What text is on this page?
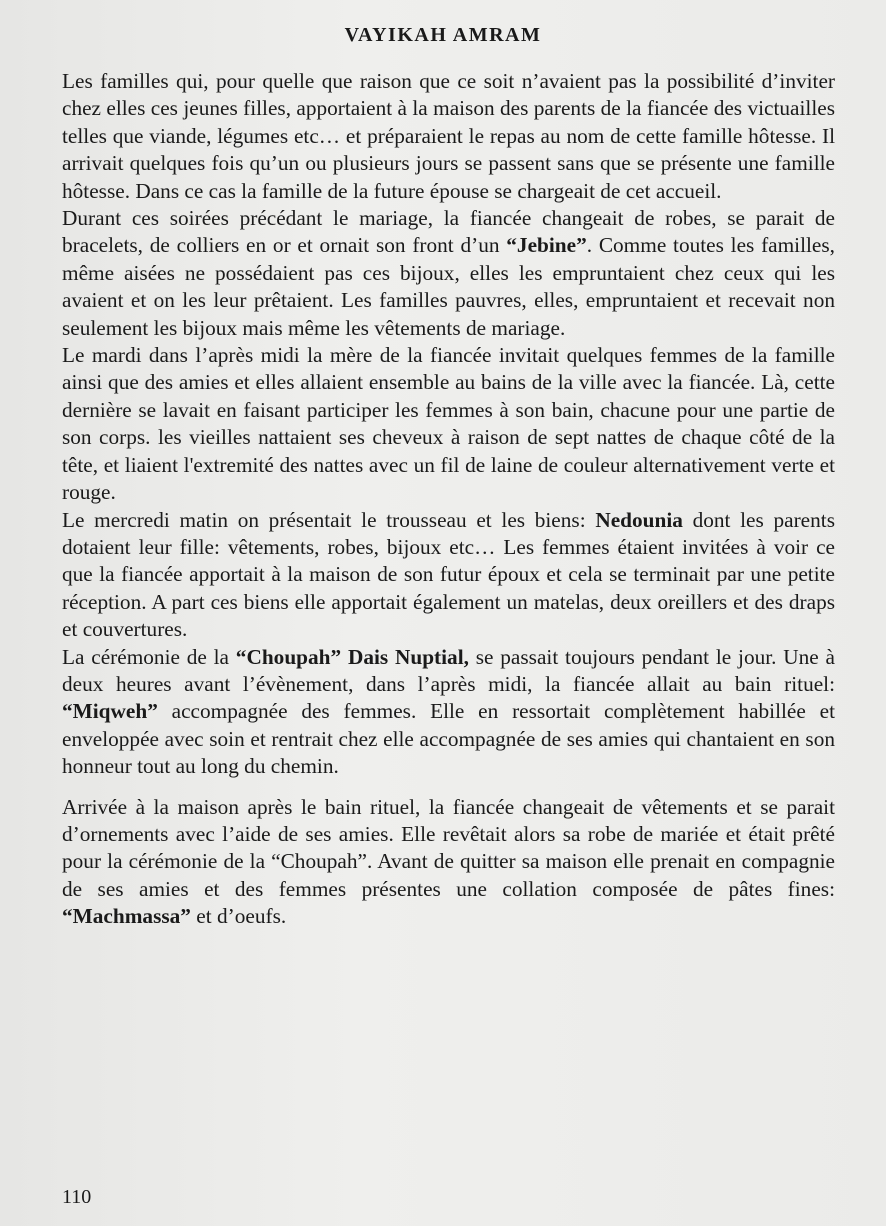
VAYIKAH AMRAM

Les familles qui, pour quelle que raison que ce soit n’avaient pas la possibilité d’inviter chez elles ces jeunes filles, apportaient à la maison des parents de la fiancée des victuailles telles que viande, légumes etc… et préparaient le repas au nom de cette famille hôtesse. Il arrivait quelques fois qu’un ou plusieurs jours se passent sans que se présente une famille hôtesse. Dans ce cas la famille de la future épouse se chargeait de cet accueil.

Durant ces soirées précédant le mariage, la fiancée changeait de robes, se parait de bracelets, de colliers en or et ornait son front d’un “Jebine”. Comme toutes les familles, même aisées ne possédaient pas ces bijoux, elles les empruntaient chez ceux qui les avaient et on les leur prêtaient. Les familles pauvres, elles, empruntaient et recevait non seulement les bijoux mais même les vêtements de mariage.

Le mardi dans l’après midi la mère de la fiancée invitait quelques femmes de la famille ainsi que des amies et elles allaient ensemble au bains de la ville avec la fiancée. Là, cette dernière se lavait en faisant participer les femmes à son bain, chacune pour une partie de son corps. les vieilles nattaient ses cheveux à raison de sept nattes de chaque côté de la tête, et liaient l'extremité des nattes avec un fil de laine de couleur alternativement verte et rouge.

Le mercredi matin on présentait le trousseau et les biens: Nedounia dont les parents dotaient leur fille: vêtements, robes, bijoux etc… Les femmes étaient invitées à voir ce que la fiancée apportait à la maison de son futur époux et cela se terminait par une petite réception. A part ces biens elle apportait également un matelas, deux oreillers et des draps et couvertures.

La cérémonie de la “Choupah” Dais Nuptial, se passait toujours pendant le jour. Une à deux heures avant l’évènement, dans l’après midi, la fiancée allait au bain rituel: “Miqweh” accompagnée des femmes. Elle en ressortait complètement habillée et enveloppée avec soin et rentrait chez elle accompagnée de ses amies qui chantaient en son honneur tout au long du chemin.

Arrivée à la maison après le bain rituel, la fiancée changeait de vêtements et se parait d’ornements avec l’aide de ses amies. Elle revêtait alors sa robe de mariée et était prêté pour la cérémonie de la “Choupah”. Avant de quitter sa maison elle prenait en compagnie de ses amies et des femmes présentes une collation composée de pâtes fines: “Machmassa” et d’oeufs.

110
